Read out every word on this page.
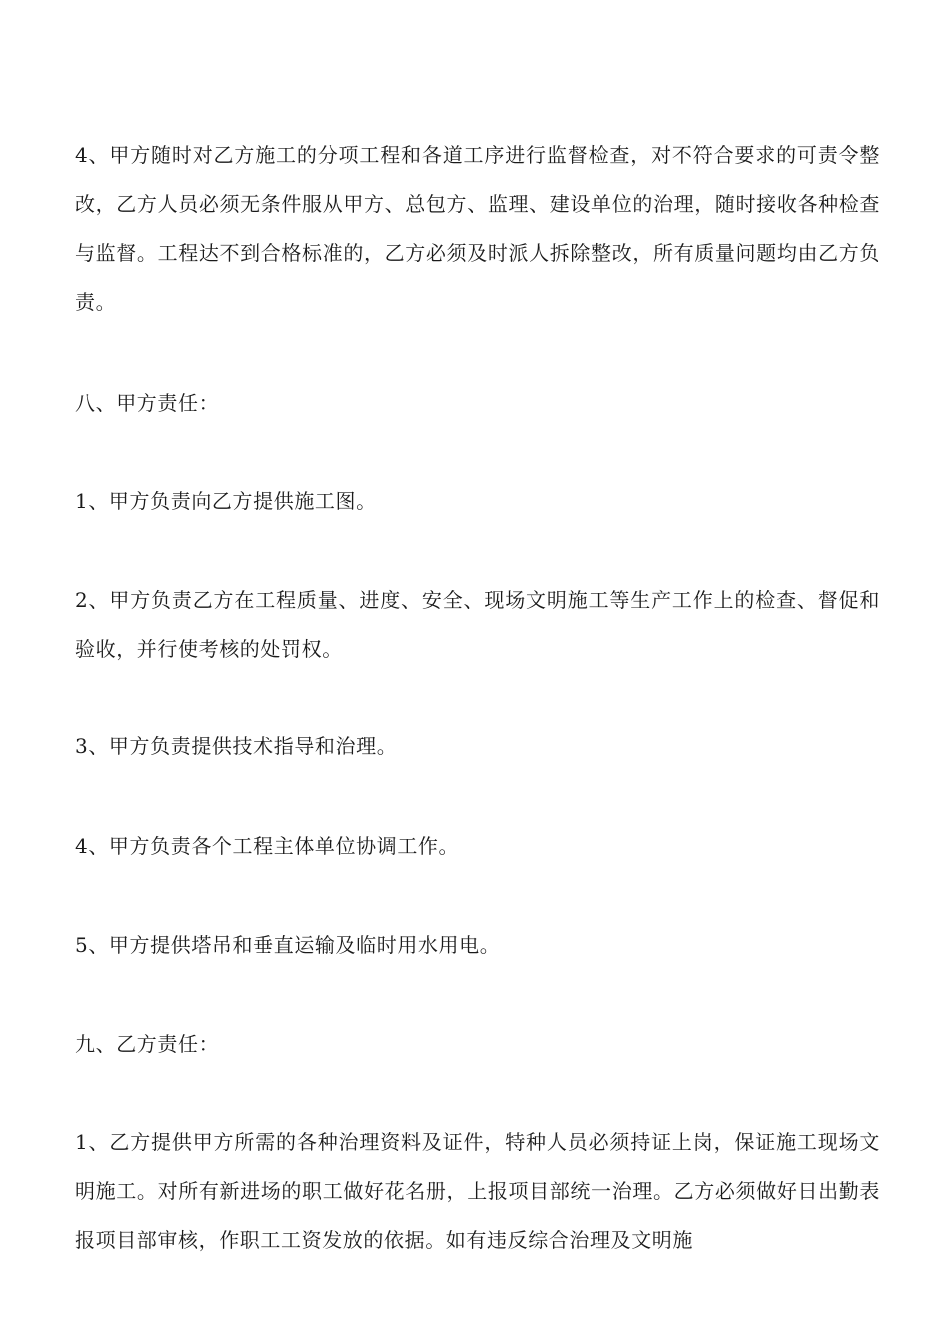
4、甲方随时对乙方施工的分项工程和各道工序进行监督检查，对不符合要求的可责令整改，乙方人员必须无条件服从甲方、总包方、监理、建设单位的治理，随时接收各种检查与监督。工程达不到合格标准的，乙方必须及时派人拆除整改，所有质量问题均由乙方负责。

八、甲方责任：

1、甲方负责向乙方提供施工图。

2、甲方负责乙方在工程质量、进度、安全、现场文明施工等生产工作上的检查、督促和验收，并行使考核的处罚权。

3、甲方负责提供技术指导和治理。

4、甲方负责各个工程主体单位协调工作。

5、甲方提供塔吊和垂直运输及临时用水用电。

九、乙方责任：

1、乙方提供甲方所需的各种治理资料及证件，特种人员必须持证上岗，保证施工现场文明施工。对所有新进场的职工做好花名册，上报项目部统一治理。乙方必须做好日出勤表报项目部审核，作职工工资发放的依据。如有违反综合治理及文明施
